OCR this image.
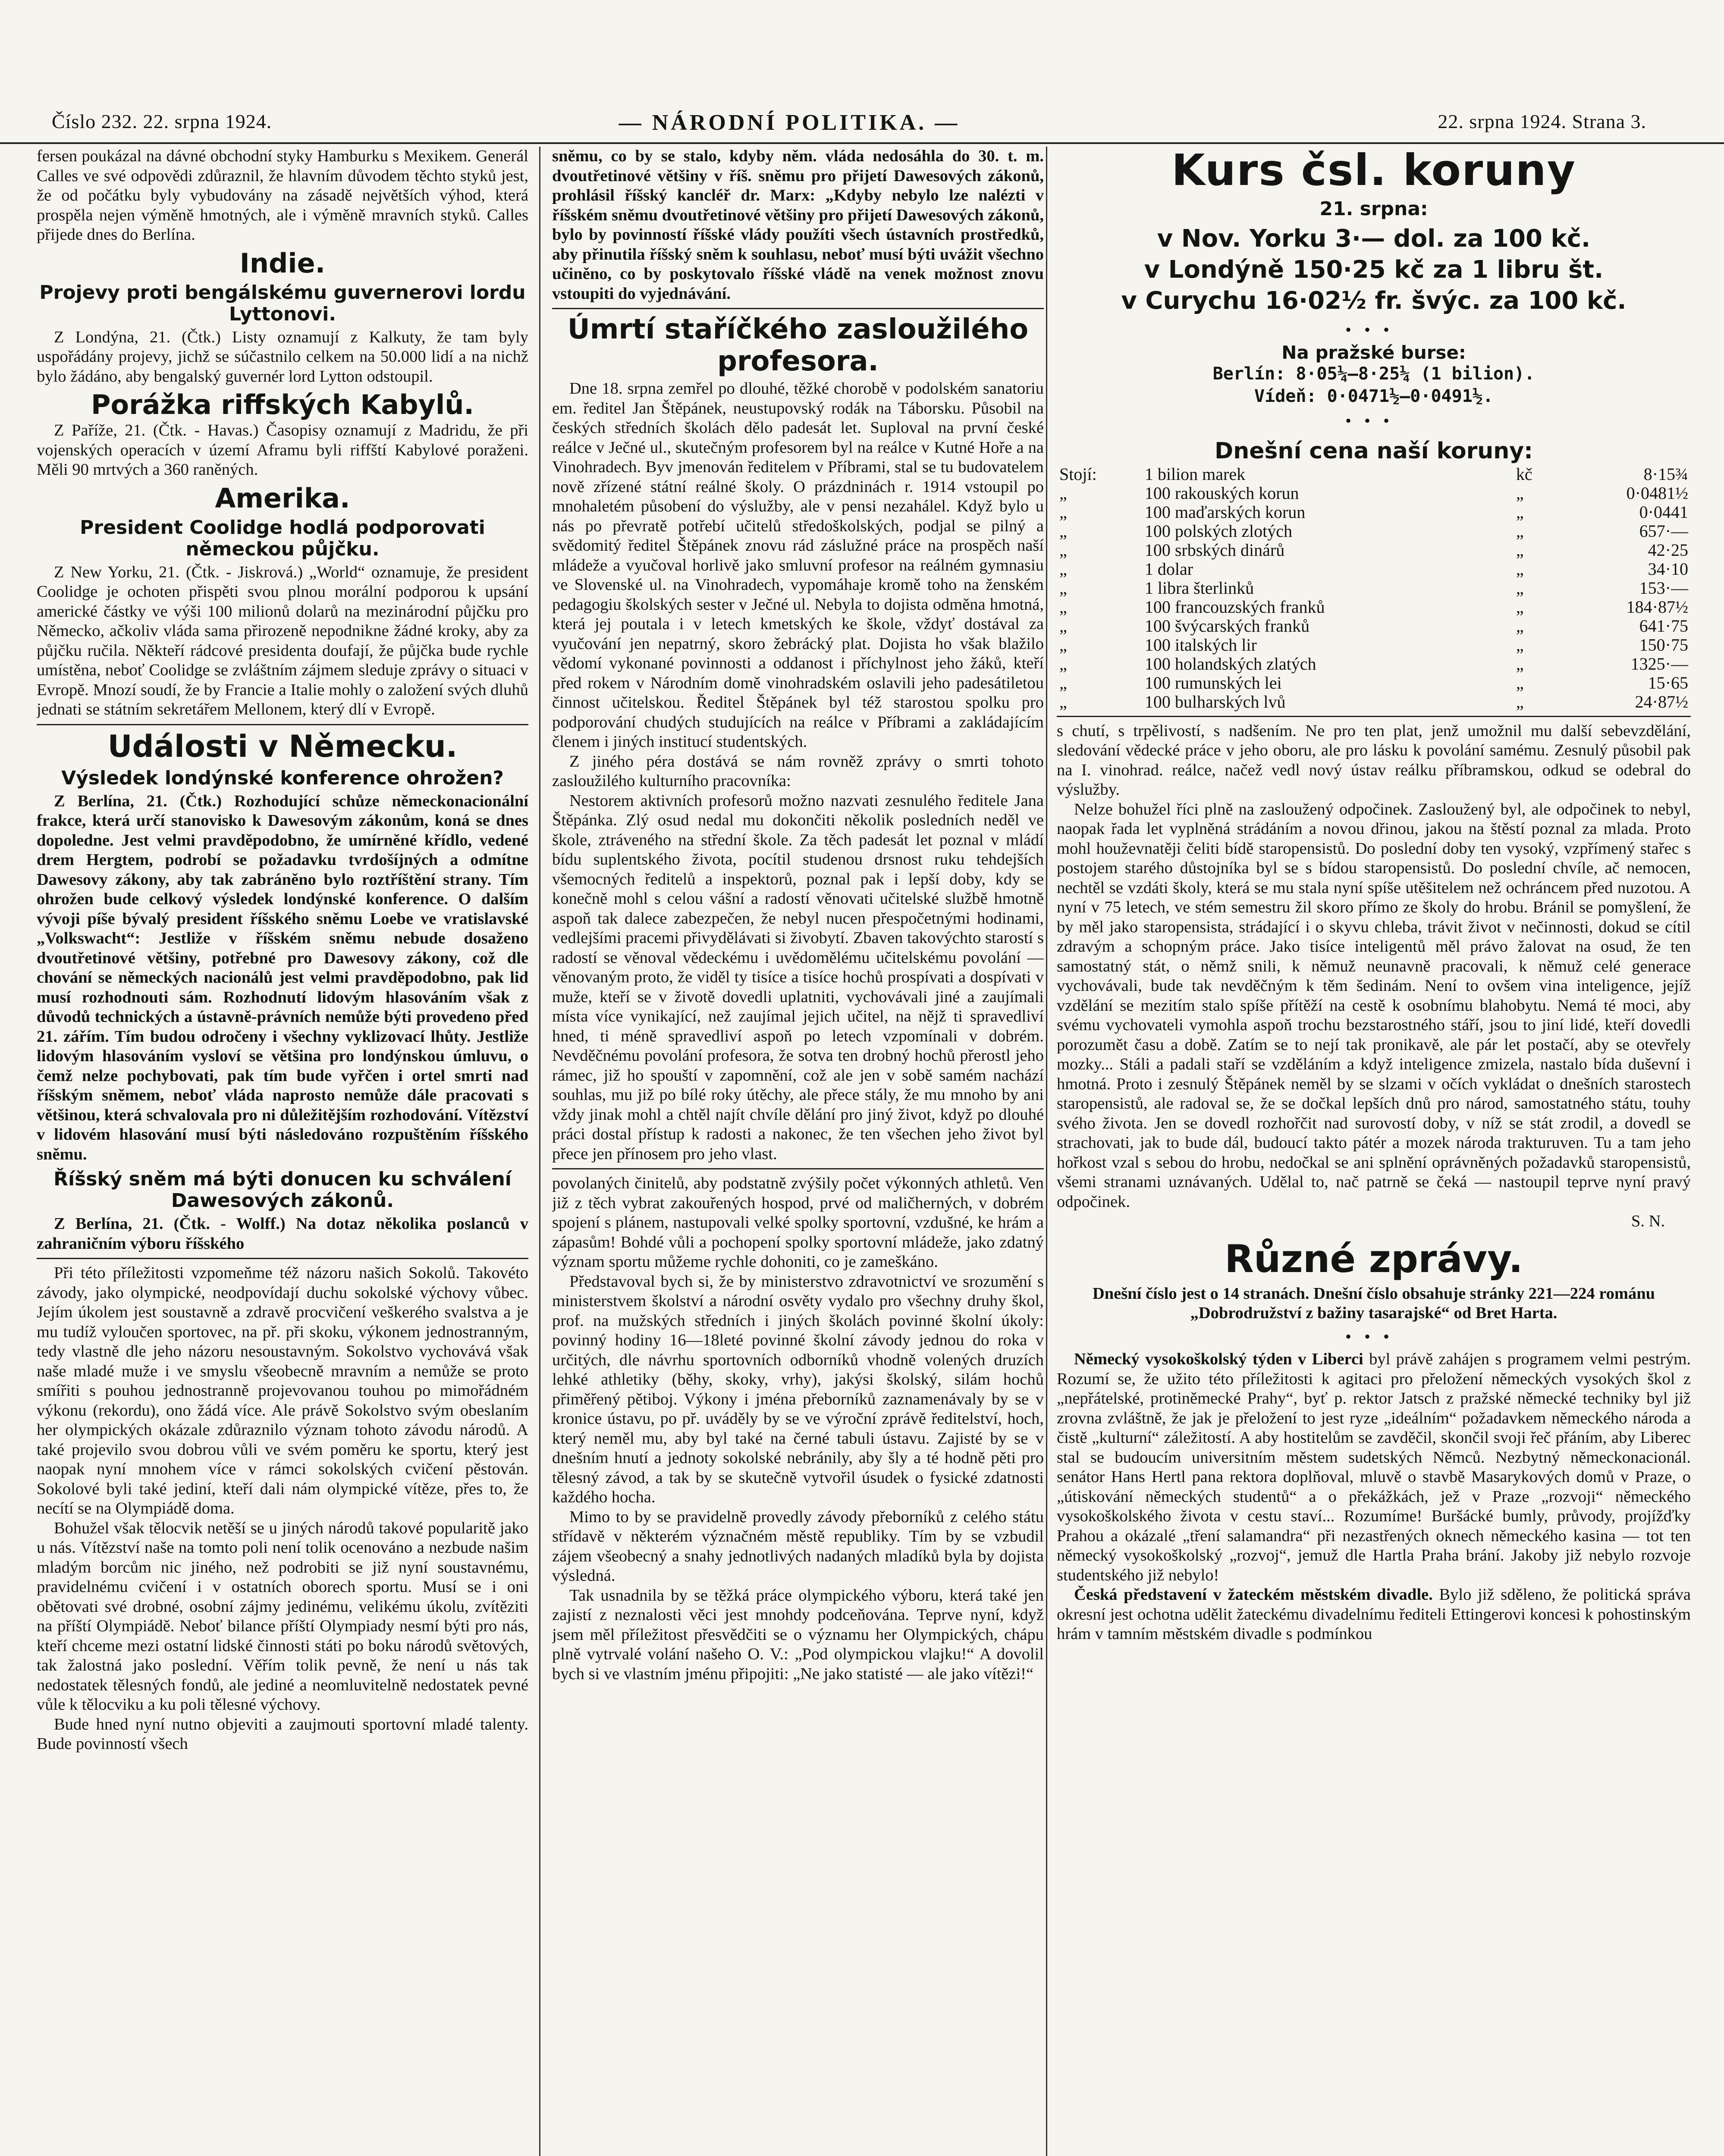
Číslo 232. 22. srpna 1924.	— NÁRODNÍ POLITIKA. —	22. srpna 1924. Strana 3.

fersen poukázal na dávné obchodní styky Hamburku s Mexikem. Generál Calles ve své odpovědi zdůraznil, že hlavním důvodem těchto styků jest, že od počátku byly vybudovány na zásadě největších výhod, která prospěla nejen výměně hmotných, ale i výměně mravních styků. Calles přijede dnes do Berlína.

Indie.
Projevy proti bengálskému guvernerovi lordu Lyttonovi.

Z Londýna, 21. (Čtk.) Listy oznamují z Kalkuty, že tam byly uspořádány projevy, jichž se súčastnilo celkem na 50.000 lidí a na nichž bylo žádáno, aby bengalský guvernér lord Lytton odstoupil.

Porážka riffských Kabylů.

Z Paříže, 21. (Čtk. - Havas.) Časopisy oznamují z Madridu, že při vojenských operacích v území Aframu byli riffští Kabylové poraženi. Měli 90 mrtvých a 360 raněných.

Amerika.
President Coolidge hodlá podporovati německou půjčku.

Z New Yorku, 21. (Čtk. - Jiskrová.) „World“ oznamuje, že president Coolidge je ochoten přispěti svou plnou morální podporou k upsání americké částky ve výši 100 milionů dolarů na mezinárodní půjčku pro Německo, ačkoliv vláda sama přirozeně nepodnikne žádné kroky, aby za půjčku ručila. Někteří rádcové presidenta doufají, že půjčka bude rychle umístěna, neboť Coolidge se zvláštním zájmem sleduje zprávy o situaci v Evropě. Mnozí soudí, že by Francie a Italie mohly o založení svých dluhů jednati se státním sekretářem Mellonem, který dlí v Evropě.

Události v Německu.
Výsledek londýnské konference ohrožen?

Z Berlína, 21. (Čtk.) Rozhodující schůze německonacionální frakce, která určí stanovisko k Dawesovým zákonům, koná se dnes dopoledne. Jest velmi pravděpodobno, že umírněné křídlo, vedené drem Hergtem, podrobí se požadavku tvrdošíjných a odmítne Dawesovy zákony, aby tak zabráněno bylo roztříštění strany. Tím ohrožen bude celkový výsledek londýnské konference. O dalším vývoji píše bývalý president říšského sněmu Loebe ve vratislavské „Volkswacht“: Jestliže v říšském sněmu nebude dosaženo dvoutřetinové většiny, potřebné pro Dawesovy zákony, což dle chování se německých nacionálů jest velmi pravděpodobno, pak lid musí rozhodnouti sám. Rozhodnutí lidovým hlasováním však z důvodů technických a ústavně-právních nemůže býti provedeno před 21. zářím. Tím budou odročeny i všechny vyklizovací lhůty. Jestliže lidovým hlasováním vysloví se většina pro londýnskou úmluvu, o čemž nelze pochybovati, pak tím bude vyřčen i ortel smrti nad říšským sněmem, neboť vláda naprosto nemůže dále pracovati s většinou, která schvalovala pro ni důležitějším rozhodování. Vítězství v lidovém hlasování musí býti následováno rozpuštěním říšského sněmu.

Říšský sněm má býti donucen ku schválení Dawesových zákonů.

Z Berlína, 21. (Čtk. - Wolff.) Na dotaz několika poslanců v zahraničním výboru říšského

Při této příležitosti vzpomeňme též názoru našich Sokolů. Takovéto závody, jako olympické, neodpovídají duchu sokolské výchovy vůbec. Jejím úkolem jest soustavně a zdravě procvičení veškerého svalstva a je mu tudíž vyloučen sportovec, na př. při skoku, výkonem jednostranným, tedy vlastně dle jeho názoru nesoustavným. Sokolstvo vychovává však naše mladé muže i ve smyslu všeobecně mravním a nemůže se proto smířiti s pouhou jednostranně projevovanou touhou po mimořádném výkonu (rekordu), ono žádá více. Ale právě Sokolstvo svým obeslaním her olympických okázale zdůraznilo význam tohoto závodu národů. A také projevilo svou dobrou vůli ve svém poměru ke sportu, který jest naopak nyní mnohem více v rámci sokolských cvičení pěstován. Sokolové byli také jediní, kteří dali nám olympické vítěze, přes to, že necítí se na Olympiádě doma.

Bohužel však tělocvik netěší se u jiných národů takové popularitě jako u nás. Vítězství naše na tomto poli není tolik ocenováno a nezbude našim mladým borcům nic jiného, než podrobiti se již nyní soustavnému, pravidelnému cvičení i v ostatních oborech sportu. Musí se i oni obětovati své drobné, osobní zájmy jedinému, velikému úkolu, zvítěziti na příští Olympiádě. Neboť bilance příští Olympiady nesmí býti pro nás, kteří chceme mezi ostatní lidské činnosti státi po boku národů světových, tak žalostná jako poslední. Věřím tolik pevně, že není u nás tak nedostatek tělesných fondů, ale jediné a neomluvitelně nedostatek pevné vůle k tělocviku a ku poli tělesné výchovy.

Bude hned nyní nutno objeviti a zaujmouti sportovní mladé talenty. Bude povinností všech

sněmu, co by se stalo, kdyby něm. vláda nedosáhla do 30. t. m. dvoutřetinové většiny v říš. sněmu pro přijetí Dawesových zákonů, prohlásil říšský kancléř dr. Marx: „Kdyby nebylo lze nalézti v říšském sněmu dvoutřetinové většiny pro přijetí Dawesových zákonů, bylo by povinností říšské vlády použíti všech ústavních prostředků, aby přinutila říšský sněm k souhlasu, neboť musí býti uvážit všechno učiněno, co by poskytovalo říšské vládě na venek možnost znovu vstoupiti do vyjednávání.

Úmrtí staříčkého zasloužilého profesora.

Dne 18. srpna zemřel po dlouhé, těžké chorobě v podolském sanatoriu em. ředitel Jan Štěpánek, neustupovský rodák na Táborsku. Působil na českých středních školách dělo padesát let. Suploval na první české reálce v Ječné ul., skutečným profesorem byl na reálce v Kutné Hoře a na Vinohradech. Byv jmenován ředitelem v Příbrami, stal se tu budovatelem nově zřízené státní reálné školy. O prázdninách r. 1914 vstoupil po mnohaletém působení do výslužby, ale v pensi nezahálel. Když bylo u nás po převratě potřebí učitelů středoškolských, podjal se pilný a svědomitý ředitel Štěpánek znovu rád záslužné práce na prospěch naší mládeže a vyučoval horlivě jako smluvní profesor na reálném gymnasiu ve Slovenské ul. na Vinohradech, vypomáhaje kromě toho na ženském pedagogiu školských sester v Ječné ul. Nebyla to dojista odměna hmotná, která jej poutala i v letech kmetských ke škole, vždyť dostával za vyučování jen nepatrný, skoro žebrácký plat. Dojista ho však blažilo vědomí vykonané povinnosti a oddanost i příchylnost jeho žáků, kteří před rokem v Národním domě vinohradském oslavili jeho padesátiletou činnost učitelskou. Ředitel Štěpánek byl též starostou spolku pro podporování chudých studujících na reálce v Příbrami a zakládajícím členem i jiných institucí studentských.

Z jiného péra dostává se nám rovněž zprávy o smrti tohoto zasloužilého kulturního pracovníka:

Nestorem aktivních profesorů možno nazvati zesnulého ředitele Jana Štěpánka. Zlý osud nedal mu dokončiti několik posledních neděl ve škole, ztráveného na střední škole. Za těch padesát let poznal v mládí bídu suplentského života, pocítil studenou drsnost ruku tehdejších všemocných ředitelů a inspektorů, poznal pak i lepší doby, kdy se konečně mohl s celou vášní a radostí věnovati učitelské službě hmotně aspoň tak dalece zabezpečen, že nebyl nucen přespočetnými hodinami, vedlejšími pracemi přivydělávati si živobytí. Zbaven takovýchto starostí s radostí se věnoval vědeckému i uvědomělému učitelskému povolání — věnovaným proto, že viděl ty tisíce a tisíce hochů prospívati a dospívati v muže, kteří se v životě dovedli uplatniti, vychovávali jiné a zaujímali místa více vynikající, než zaujímal jejich učitel, na nějž ti spravedliví hned, ti méně spravedliví aspoň po letech vzpomínali v dobrém. Nevděčnému povolání profesora, že sotva ten drobný hochů přerostl jeho rámec, již ho spouští v zapomnění, což ale jen v sobě samém nachází souhlas, mu již po bílé roky útěchy, ale přece stály, že mu mnoho by ani vždy jinak mohl a chtěl najít chvíle dělání pro jiný život, když po dlouhé práci dostal přístup k radosti a nakonec, že ten všechen jeho život byl přece jen přínosem pro jeho vlast.

povolaných činitelů, aby podstatně zvýšily počet výkonných athletů. Ven již z těch vybrat zakouřených hospod, prvé od maličherných, v dobrém spojení s plánem, nastupovali velké spolky sportovní, vzdušné, ke hrám a zápasům! Bohdé vůli a pochopení spolky sportovní mládeže, jako zdatný význam sportu můžeme rychle dohoniti, co je zameškáno.

Představoval bych si, že by ministerstvo zdravotnictví ve srozumění s ministerstvem školství a národní osvěty vydalo pro všechny druhy škol, prof. na mužských středních i jiných školách povinné školní úkoly: povinný hodiny 16—18leté povinné školní závody jednou do roka v určitých, dle návrhu sportovních odborníků vhodně volených druzích lehké athletiky (běhy, skoky, vrhy), jakýsi školský, silám hochů přiměřený pětiboj. Výkony i jména přeborníků zaznamenávaly by se v kronice ústavu, po př. uváděly by se ve výroční zprávě ředitelství, hoch, který neměl mu, aby byl také na černé tabuli ústavu. Zajisté by se v dnešním hnutí a jednoty sokolské nebránily, aby šly a té hodně pěti pro tělesný závod, a tak by se skutečně vytvořil úsudek o fysické zdatnosti každého hocha.

Mimo to by se pravidelně provedly závody přeborníků z celého státu střídavě v některém význačném městě republiky. Tím by se vzbudil zájem všeobecný a snahy jednotlivých nadaných mladíků byla by dojista výsledná.

Tak usnadnila by se těžká práce olympického výboru, která také jen zajistí z neznalosti věci jest mnohdy podceňována. Teprve nyní, když jsem měl příležitost přesvědčiti se o významu her Olympických, chápu plně vytrvalé volání našeho O. V.: „Pod olympickou vlajku!“ A dovolil bych si ve vlastním jménu připojiti: „Ne jako statisté — ale jako vítězi!“

Kurs čsl. koruny
21. srpna:
v Nov. Yorku 3·— dol. za 100 kč.
v Londýně 150·25 kč za 1 libru št.
v Curychu 16·02½ fr. švýc. za 100 kč.
•••
Na pražské burse:
Berlín: 8·05¼—8·25¼ (1 bilion).
Vídeň: 0·0471½—0·0491½.
•••
Dnešní cena naší koruny:
Stojí:	1 bilion marek	kč	8·15¾
„	100 rakouských korun	„	0·0481½
„	100 maďarských korun	„	0·0441
„	100 polských zlotých	„	657·—
„	100 srbských dinárů	„	42·25
„	1 dolar	„	34·10
„	1 libra šterlinků	„	153·—
„	100 francouzských franků	„	184·87½
„	100 švýcarských franků	„	641·75
„	100 italských lir	„	150·75
„	100 holandských zlatých	„	1325·—
„	100 rumunských lei	„	15·65
„	100 bulharských lvů	„	24·87½

s chutí, s trpělivostí, s nadšením. Ne pro ten plat, jenž umožnil mu další sebevzdělání, sledování vědecké práce v jeho oboru, ale pro lásku k povolání samému. Zesnulý působil pak na I. vinohrad. reálce, načež vedl nový ústav reálku příbramskou, odkud se odebral do výslužby.

Nelze bohužel říci plně na zasloužený odpočinek. Zasloužený byl, ale odpočinek to nebyl, naopak řada let vyplněná strádáním a novou dřinou, jakou na štěstí poznal za mlada. Proto mohl houževnatěji čeliti bídě staropensistů. Do poslední doby ten vysoký, vzpřímený stařec s postojem starého důstojníka byl se s bídou staropensistů. Do poslední chvíle, ač nemocen, nechtěl se vzdáti školy, která se mu stala nyní spíše utěšitelem než ochráncem před nuzotou. A nyní v 75 letech, ve stém semestru žil skoro přímo ze školy do hrobu. Bránil se pomyšlení, že by měl jako staropensista, strádající i o skyvu chleba, trávit život v nečinnosti, dokud se cítil zdravým a schopným práce. Jako tisíce inteligentů měl právo žalovat na osud, že ten samostatný stát, o němž snili, k němuž neunavně pracovali, k němuž celé generace vychovávali, bude tak nevděčným k těm šedinám. Není to ovšem vina inteligence, jejíž vzdělání se mezitím stalo spíše přítěží na cestě k osobnímu blahobytu. Nemá té moci, aby svému vychovateli vymohla aspoň trochu bezstarostného stáří, jsou to jiní lidé, kteří dovedli porozumět času a době. Zatím se to nejí tak pronikavě, ale pár let postačí, aby se otevřely mozky... Stáli a padali staří se vzděláním a když inteligence zmizela, nastalo bída duševní i hmotná. Proto i zesnulý Štěpánek neměl by se slzami v očích vykládat o dnešních starostech staropensistů, ale radoval se, že se dočkal lepších dnů pro národ, samostatného státu, touhy svého života. Jen se dovedl rozhořčit nad surovostí doby, v níž se stát zrodil, a dovedl se strachovati, jak to bude dál, budoucí takto pátér a mozek národa trakturuven. Tu a tam jeho hořkost vzal s sebou do hrobu, nedočkal se ani splnění oprávněných požadavků staropensistů, všemi stranami uznávaných. Udělal to, nač patrně se čeká — nastoupil teprve nyní pravý odpočinek.

S. N.
Různé zprávy.

Dnešní číslo jest o 14 stranách. Dnešní číslo obsahuje stránky 221—224 románu „Dobrodružství z bažiny tasarajské“ od Bret Harta.

•••

Německý vysokoškolský týden v Liberci byl právě zahájen s programem velmi pestrým. Rozumí se, že užito této příležitosti k agitaci pro přeložení německých vysokých škol z „nepřátelské, protiněmecké Prahy“, byť p. rektor Jatsch z pražské německé techniky byl již zrovna zvláštně, že jak je přeložení to jest ryze „ideálním“ požadavkem německého národa a čistě „kulturní“ záležitostí. A aby hostitelům se zavděčil, skončil svoji řeč přáním, aby Liberec stal se budoucím universitním městem sudetských Němců. Nezbytný německonacionál. senátor Hans Hertl pana rektora doplňoval, mluvě o stavbě Masarykových domů v Praze, o „útiskování německých studentů“ a o překážkách, jež v Praze „rozvoji“ německého vysokoškolského života v cestu staví... Rozumíme! Buršácké bumly, průvody, projížďky Prahou a okázalé „tření salamandra“ při nezastřených oknech německého kasina — tot ten německý vysokoškolský „rozvoj“, jemuž dle Hartla Praha brání. Jakoby již nebylo rozvoje studentského již nebylo!

Česká představení v žateckém městském divadle. Bylo již sděleno, že politická správa okresní jest ochotna udělit žateckému divadelnímu řediteli Ettingerovi koncesi k pohostinským hrám v tamním městském divadle s podmínkou
